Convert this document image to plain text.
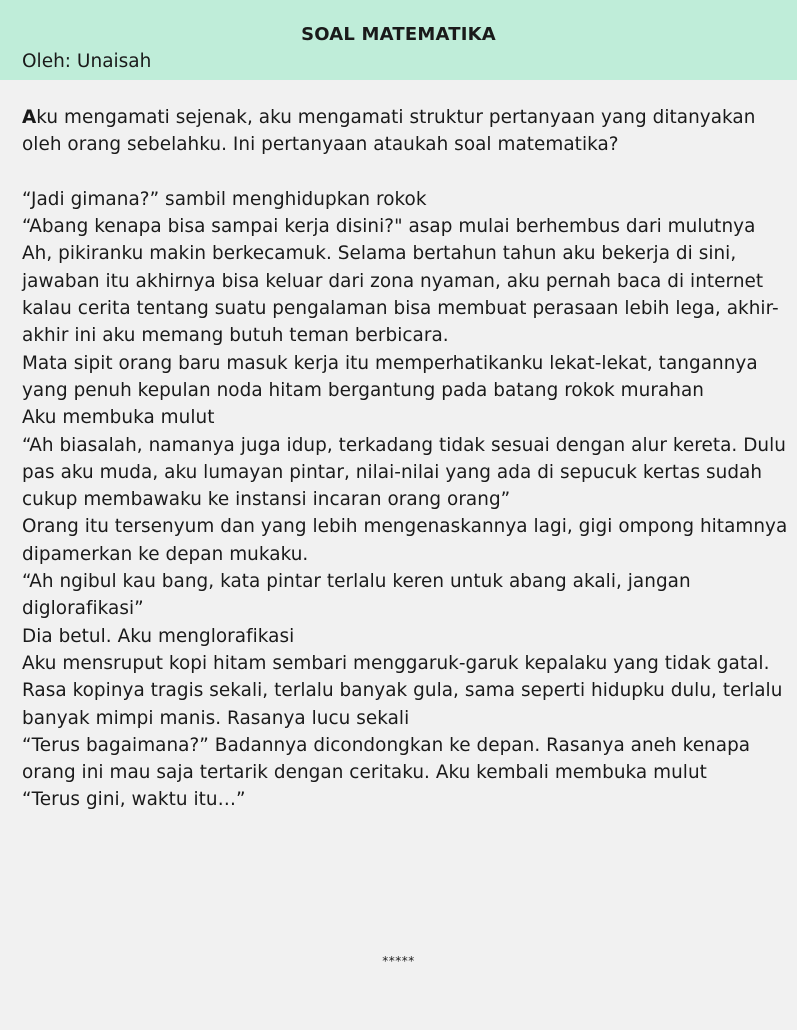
SOAL MATEMATIKA
Oleh: Unaisah

Aku mengamati sejenak, aku mengamati struktur pertanyaan yang ditanyakan oleh orang sebelahku. Ini pertanyaan ataukah soal matematika?

“Jadi gimana?” sambil menghidupkan rokok

“Abang kenapa bisa sampai kerja disini?" asap mulai berhembus dari mulutnya

Ah, pikiranku makin berkecamuk. Selama bertahun tahun aku bekerja di sini, jawaban itu akhirnya bisa keluar dari zona nyaman, aku pernah baca di internet kalau cerita tentang suatu pengalaman bisa membuat perasaan lebih lega, akhir-akhir ini aku memang butuh teman berbicara.

Mata sipit orang baru masuk kerja itu memperhatikanku lekat-lekat, tangannya yang penuh kepulan noda hitam bergantung pada batang rokok murahan

Aku membuka mulut

“Ah biasalah, namanya juga idup, terkadang tidak sesuai dengan alur kereta. Dulu pas aku muda, aku lumayan pintar, nilai-nilai yang ada di sepucuk kertas sudah cukup membawaku ke instansi incaran orang orang”

Orang itu tersenyum dan yang lebih mengenaskannya lagi, gigi ompong hitamnya dipamerkan ke depan mukaku.

“Ah ngibul kau bang, kata pintar terlalu keren untuk abang akali, jangan diglorafikasi”

Dia betul. Aku menglorafikasi

Aku mensruput kopi hitam sembari menggaruk-garuk kepalaku yang tidak gatal. Rasa kopinya tragis sekali, terlalu banyak gula, sama seperti hidupku dulu, terlalu banyak mimpi manis. Rasanya lucu sekali

“Terus bagaimana?” Badannya dicondongkan ke depan. Rasanya aneh kenapa orang ini mau saja tertarik dengan ceritaku. Aku kembali membuka mulut

“Terus gini, waktu itu…”

*****
